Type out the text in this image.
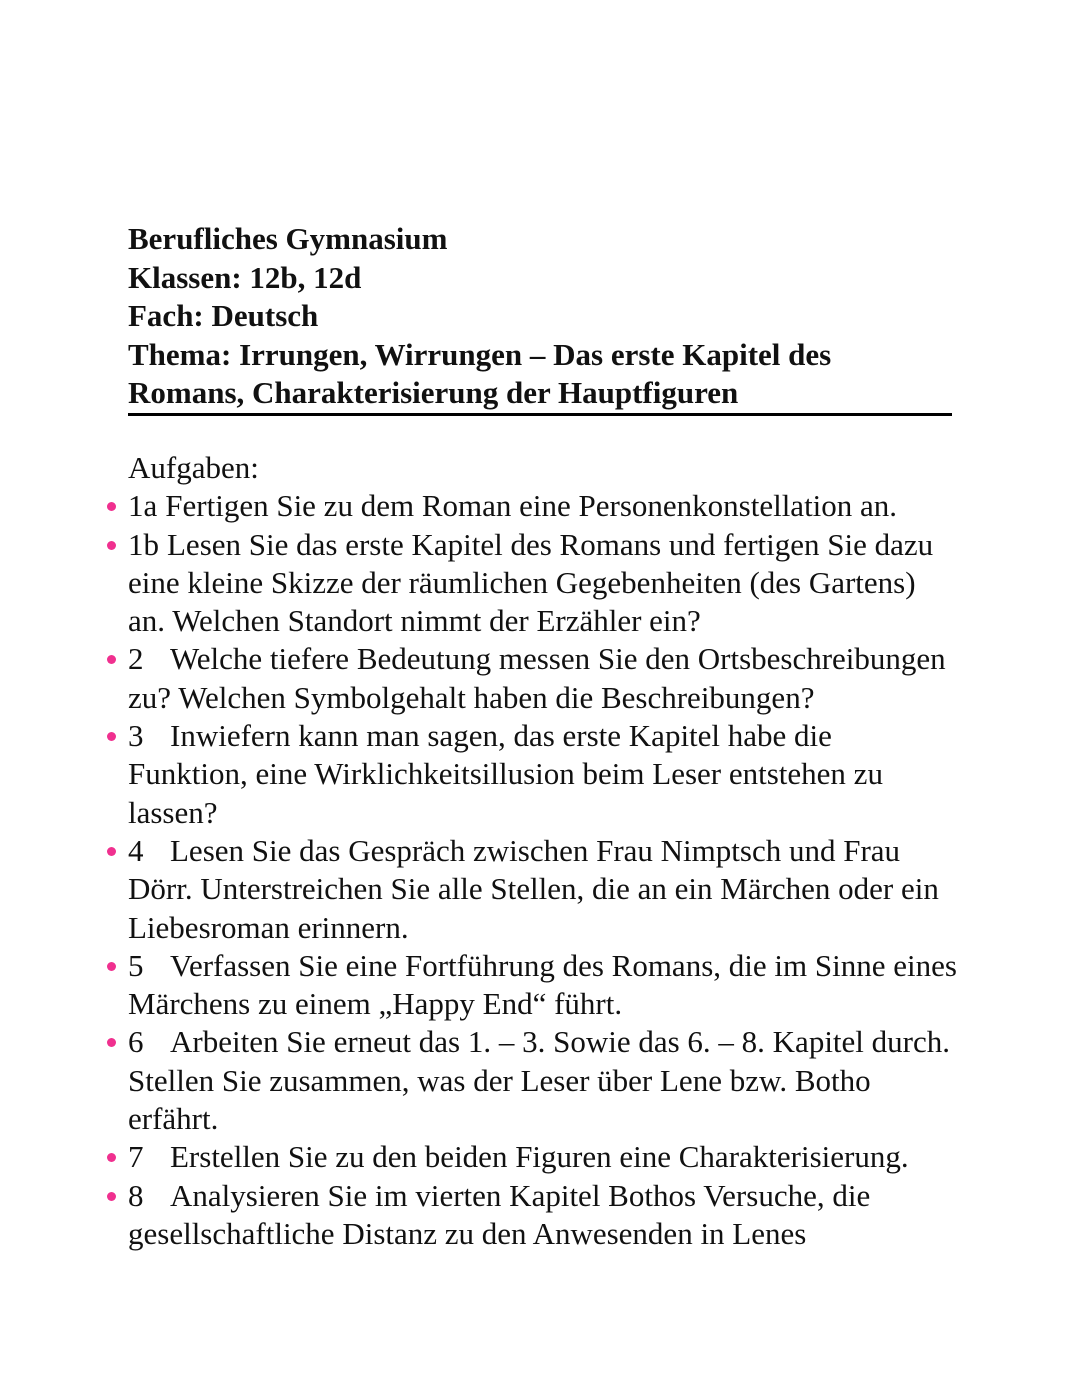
Berufliches Gymnasium
Klassen: 12b, 12d
Fach: Deutsch
Thema: Irrungen, Wirrungen – Das erste Kapitel des
Romans, Charakterisierung der Hauptfiguren
Aufgaben:

1a Fertigen Sie zu dem Roman eine Personenkonstellation an.

1b Lesen Sie das erste Kapitel des Romans und fertigen Sie dazu eine kleine Skizze der räumlichen Gegebenheiten (des Gartens) an. Welchen Standort nimmt der Erzähler ein?

2 Welche tiefere Bedeutung messen Sie den Ortsbeschreibungen zu? Welchen Symbolgehalt haben die Beschreibungen?

3 Inwiefern kann man sagen, das erste Kapitel habe die Funktion, eine Wirklichkeitsillusion beim Leser entstehen zu lassen?

4 Lesen Sie das Gespräch zwischen Frau Nimptsch und Frau Dörr. Unterstreichen Sie alle Stellen, die an ein Märchen oder ein Liebesroman erinnern.

5 Verfassen Sie eine Fortführung des Romans, die im Sinne eines Märchens zu einem „Happy End“ führt.

6 Arbeiten Sie erneut das 1. – 3. Sowie das 6. – 8. Kapitel durch. Stellen Sie zusammen, was der Leser über Lene bzw. Botho erfährt.

7 Erstellen Sie zu den beiden Figuren eine Charakterisierung.

8 Analysieren Sie im vierten Kapitel Bothos Versuche, die gesellschaftliche Distanz zu den Anwesenden in Lenes
